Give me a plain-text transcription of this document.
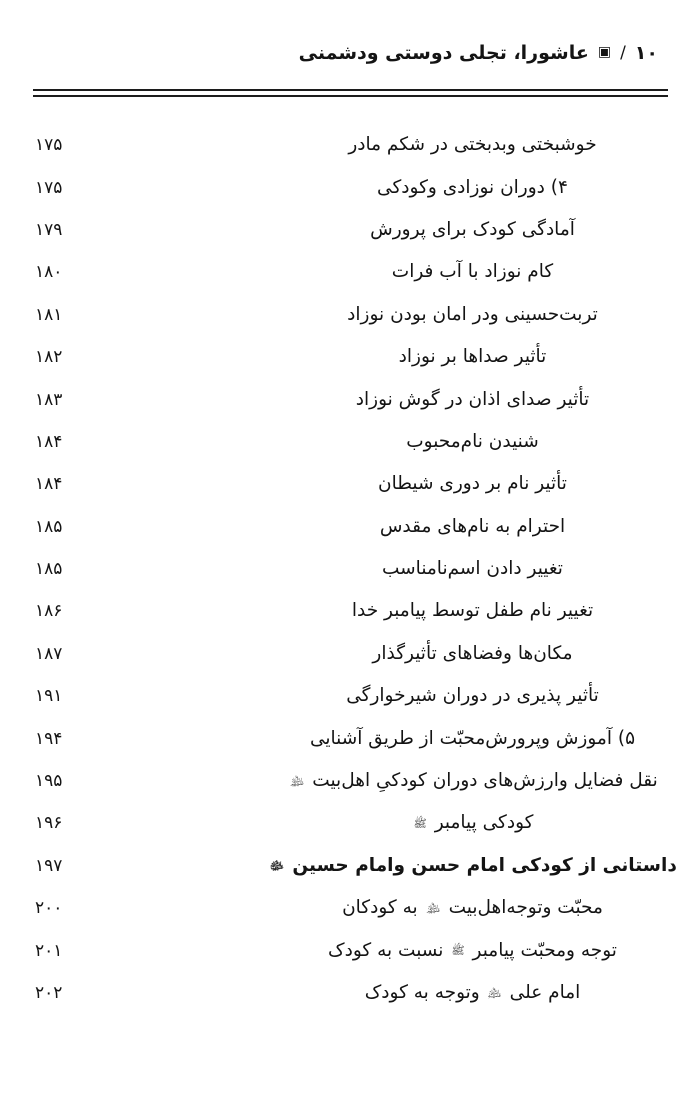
۱۰
/
▣
عاشورا، تجلی دوستی ودشمنی
خوشبختی وبدبختی در شکم مادر
۱۷۵
۴) دوران نوزادی وکودکی
۱۷۵
آمادگی کودک برای پرورش
۱۷۹
کام نوزاد با آب فرات
۱۸۰
تربت‌حسینی ودر امان بودن نوزاد
۱۸۱
تأثیر صداها بر نوزاد
۱۸۲
تأثیر صدای اذان در گوش نوزاد
۱۸۳
شنیدن نام‌محبوب
۱۸۴
تأثیر نام بر دوری شیطان
۱۸۴
احترام به نام‌های مقدس
۱۸۵
تغییر دادن اسم‌نامناسب
۱۸۵
تغییر نام طفل توسط پیامبر خدا
۱۸۶
مکان‌ها وفضاهای تأثیرگذار
۱۸۷
تأثیر پذیری در دوران شیرخوارگی
۱۹۱
۵) آموزش وپرورش‌محبّت از طریق آشنایی
۱۹۴
نقل فضایل وارزش‌های دوران کودکیِ اهل‌بیت ﵈
۱۹۵
کودکی پیامبر ﷺ
۱۹۶
داستانی از کودکی امام حسن وامام حسین ﵉
۱۹۷
محبّت وتوجه‌اهل‌بیت ﵈ به کودکان
۲۰۰
توجه ومحبّت پیامبر ﷺ نسبت به کودک
۲۰۱
امام علی ﵇ وتوجه به کودک
۲۰۲
